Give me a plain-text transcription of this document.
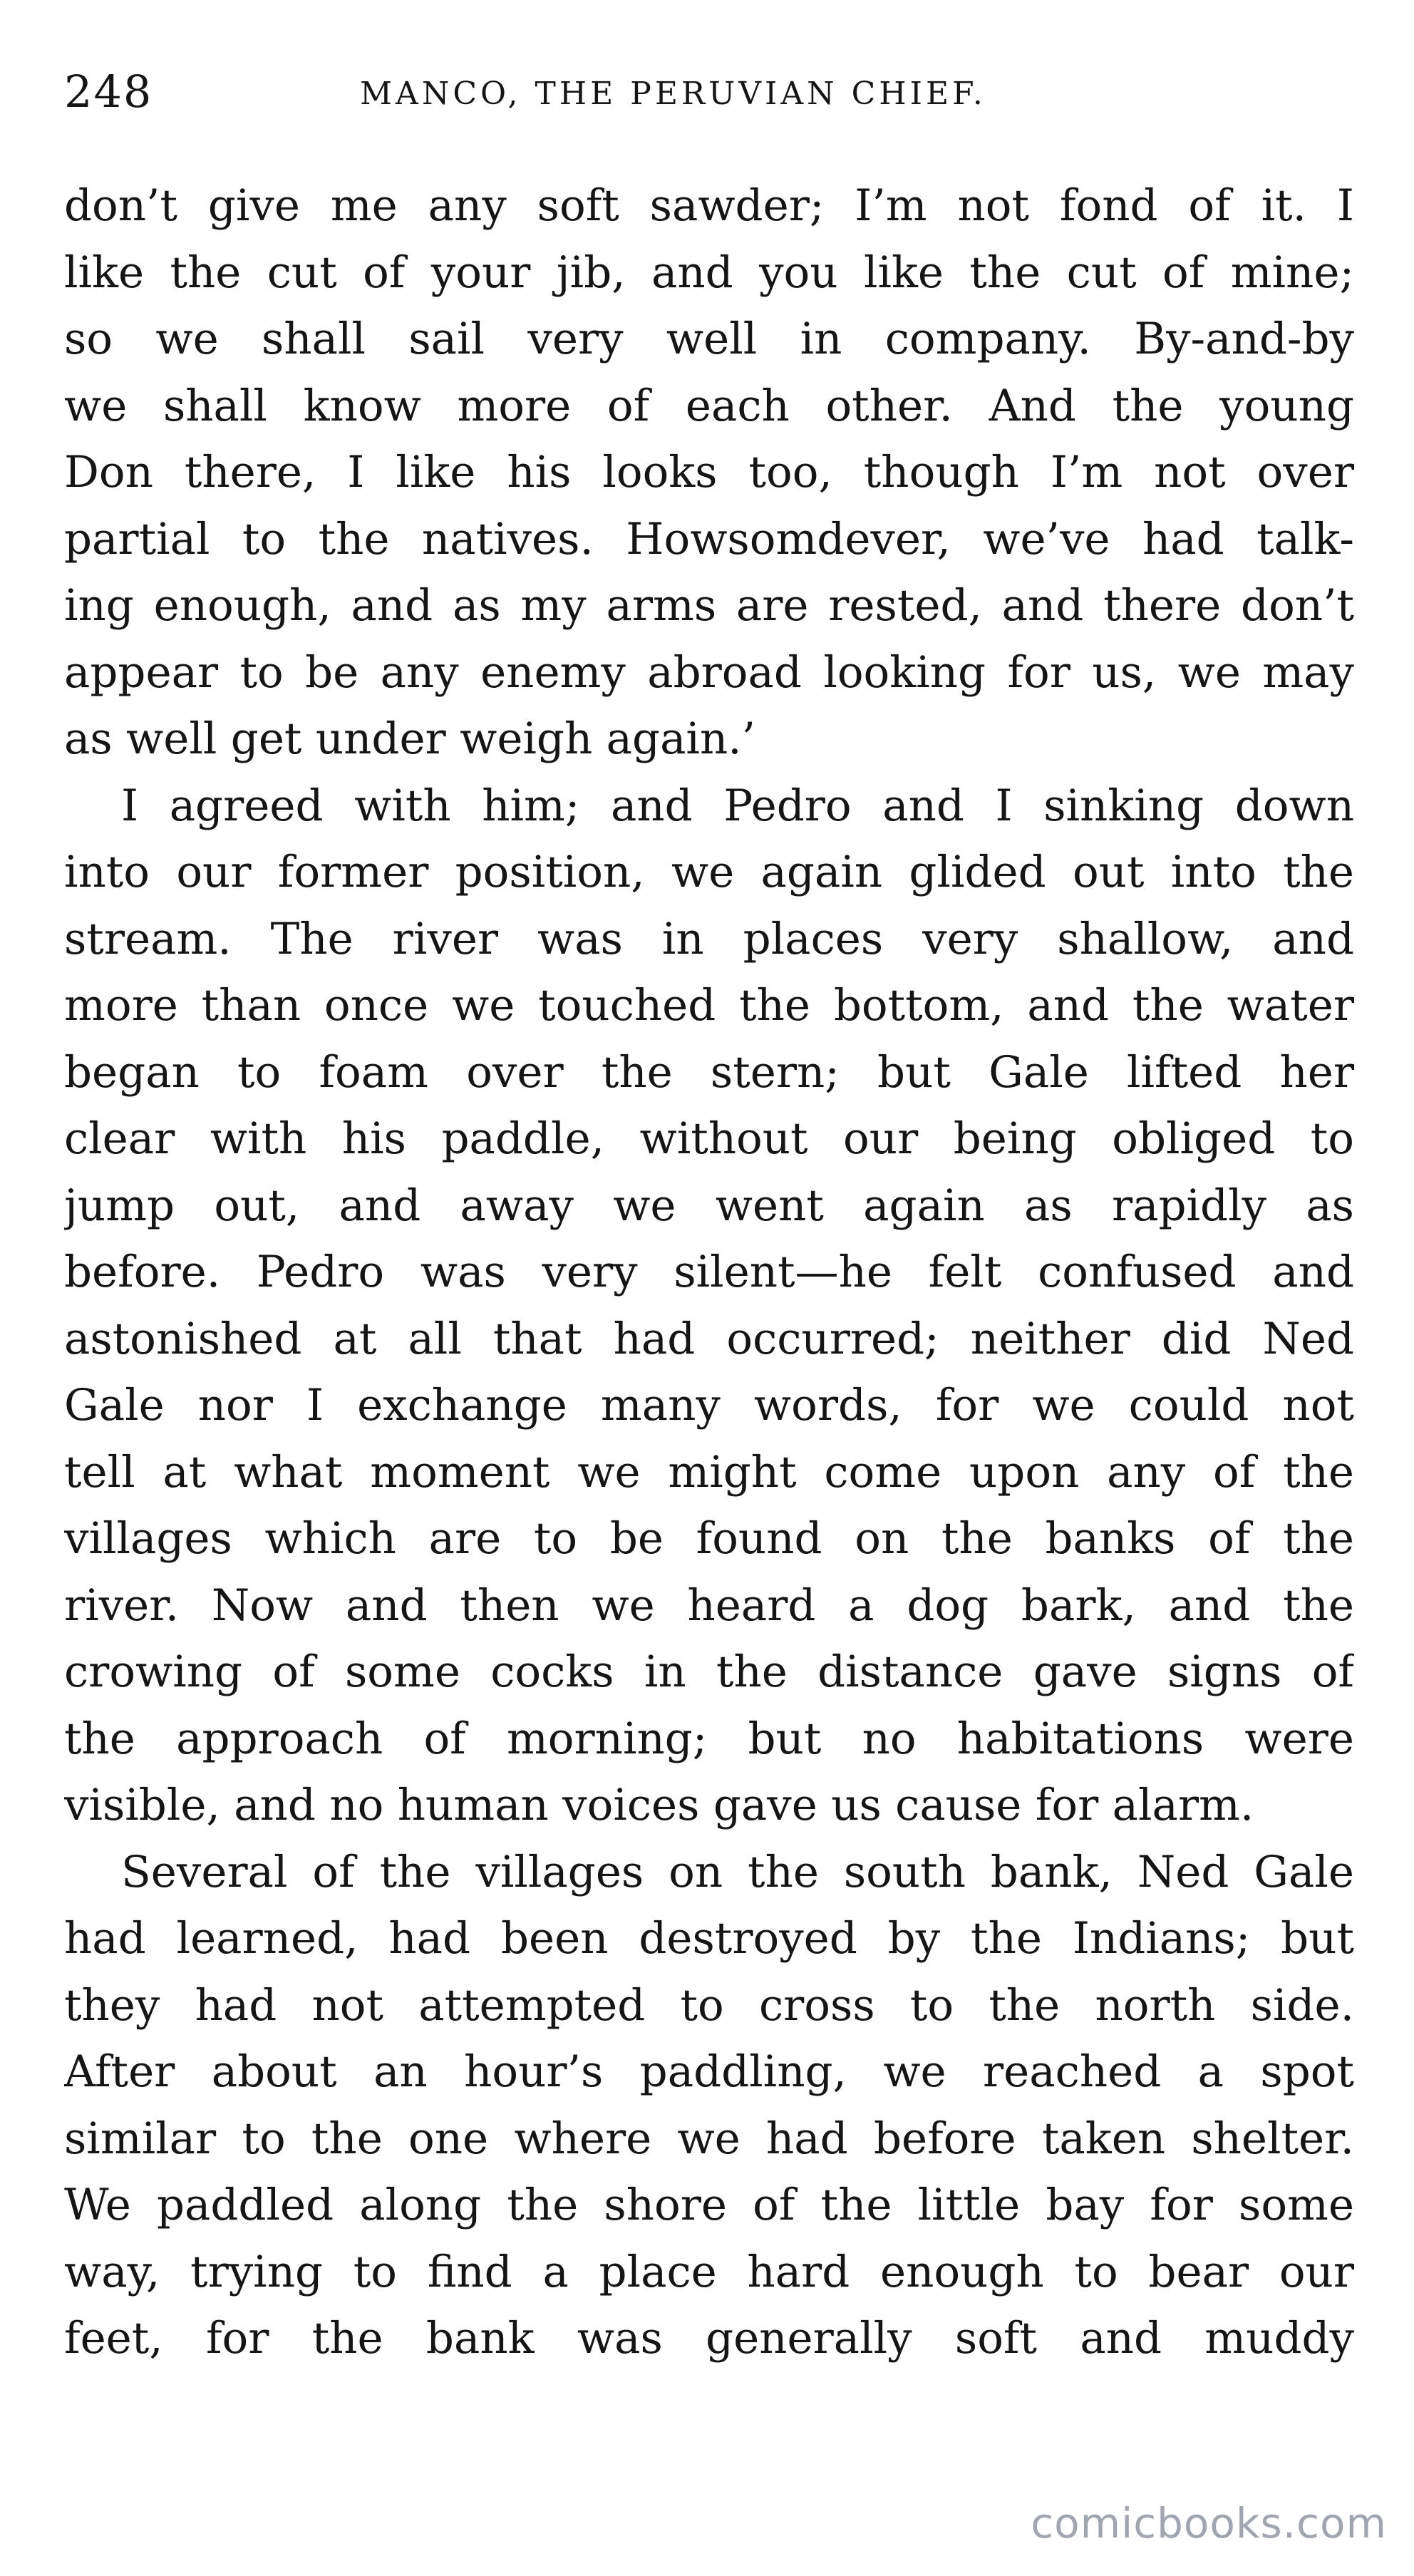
248	MANCO, THE PERUVIAN CHIEF.
don’t give me any soft sawder; I’m not fond of it. I
like the cut of your jib, and you like the cut of mine;
so we shall sail very well in company. By-and-by
we shall know more of each other. And the young
Don there, I like his looks too, though I’m not over
partial to the natives. Howsomdever, we’ve had talk-
ing enough, and as my arms are rested, and there don’t
appear to be any enemy abroad looking for us, we may
as well get under weigh again.’
I agreed with him; and Pedro and I sinking down
into our former position, we again glided out into the
stream. The river was in places very shallow, and
more than once we touched the bottom, and the water
began to foam over the stern; but Gale lifted her
clear with his paddle, without our being obliged to
jump out, and away we went again as rapidly as
before. Pedro was very silent—he felt confused and
astonished at all that had occurred; neither did Ned
Gale nor I exchange many words, for we could not
tell at what moment we might come upon any of the
villages which are to be found on the banks of the
river. Now and then we heard a dog bark, and the
crowing of some cocks in the distance gave signs of
the approach of morning; but no habitations were
visible, and no human voices gave us cause for alarm.
Several of the villages on the south bank, Ned Gale
had learned, had been destroyed by the Indians; but
they had not attempted to cross to the north side.
After about an hour’s paddling, we reached a spot
similar to the one where we had before taken shelter.
We paddled along the shore of the little bay for some
way, trying to find a place hard enough to bear our
feet, for the bank was generally soft and muddy
comicbooks.com
